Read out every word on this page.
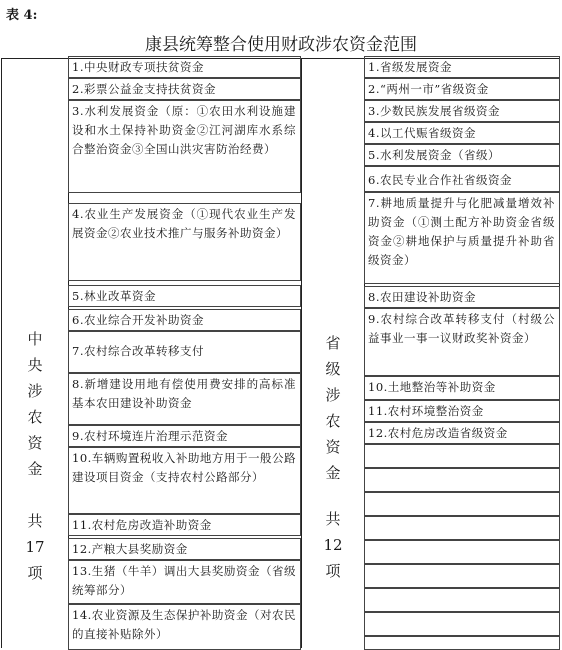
表 4:
康县统筹整合使用财政涉农资金范围
中
央
涉
农
资
金
共
17
项
省
级
涉
农
资
金
共
12
项
1.中央财政专项扶贫资金
2.彩票公益金支持扶贫资金
3.水利发展资金（原：①农田水利设施建设和水土保持补助资金②江河湖库水系综合整治资金③全国山洪灾害防治经费）
4.农业生产发展资金（①现代农业生产发展资金②农业技术推广与服务补助资金）
5.林业改革资金
6.农业综合开发补助资金
7.农村综合改革转移支付
8.新增建设用地有偿使用费安排的高标准基本农田建设补助资金
9.农村环境连片治理示范资金
10.车辆购置税收入补助地方用于一般公路建设项目资金（支持农村公路部分）
11.农村危房改造补助资金
12.产粮大县奖励资金
13.生猪（牛羊）调出大县奖励资金（省级统筹部分）
14.农业资源及生态保护补助资金（对农民的直接补贴除外）
1.省级发展资金
2.“两州一市”省级资金
3.少数民族发展省级资金
4.以工代赈省级资金
5.水利发展资金（省级）
6.农民专业合作社省级资金
7.耕地质量提升与化肥减量增效补助资金（①测土配方补助资金省级资金②耕地保护与质量提升补助省级资金）
8.农田建设补助资金
9.农村综合改革转移支付（村级公益事业一事一议财政奖补资金）
10.土地整治等补助资金
11.农村环境整治资金
12.农村危房改造省级资金
